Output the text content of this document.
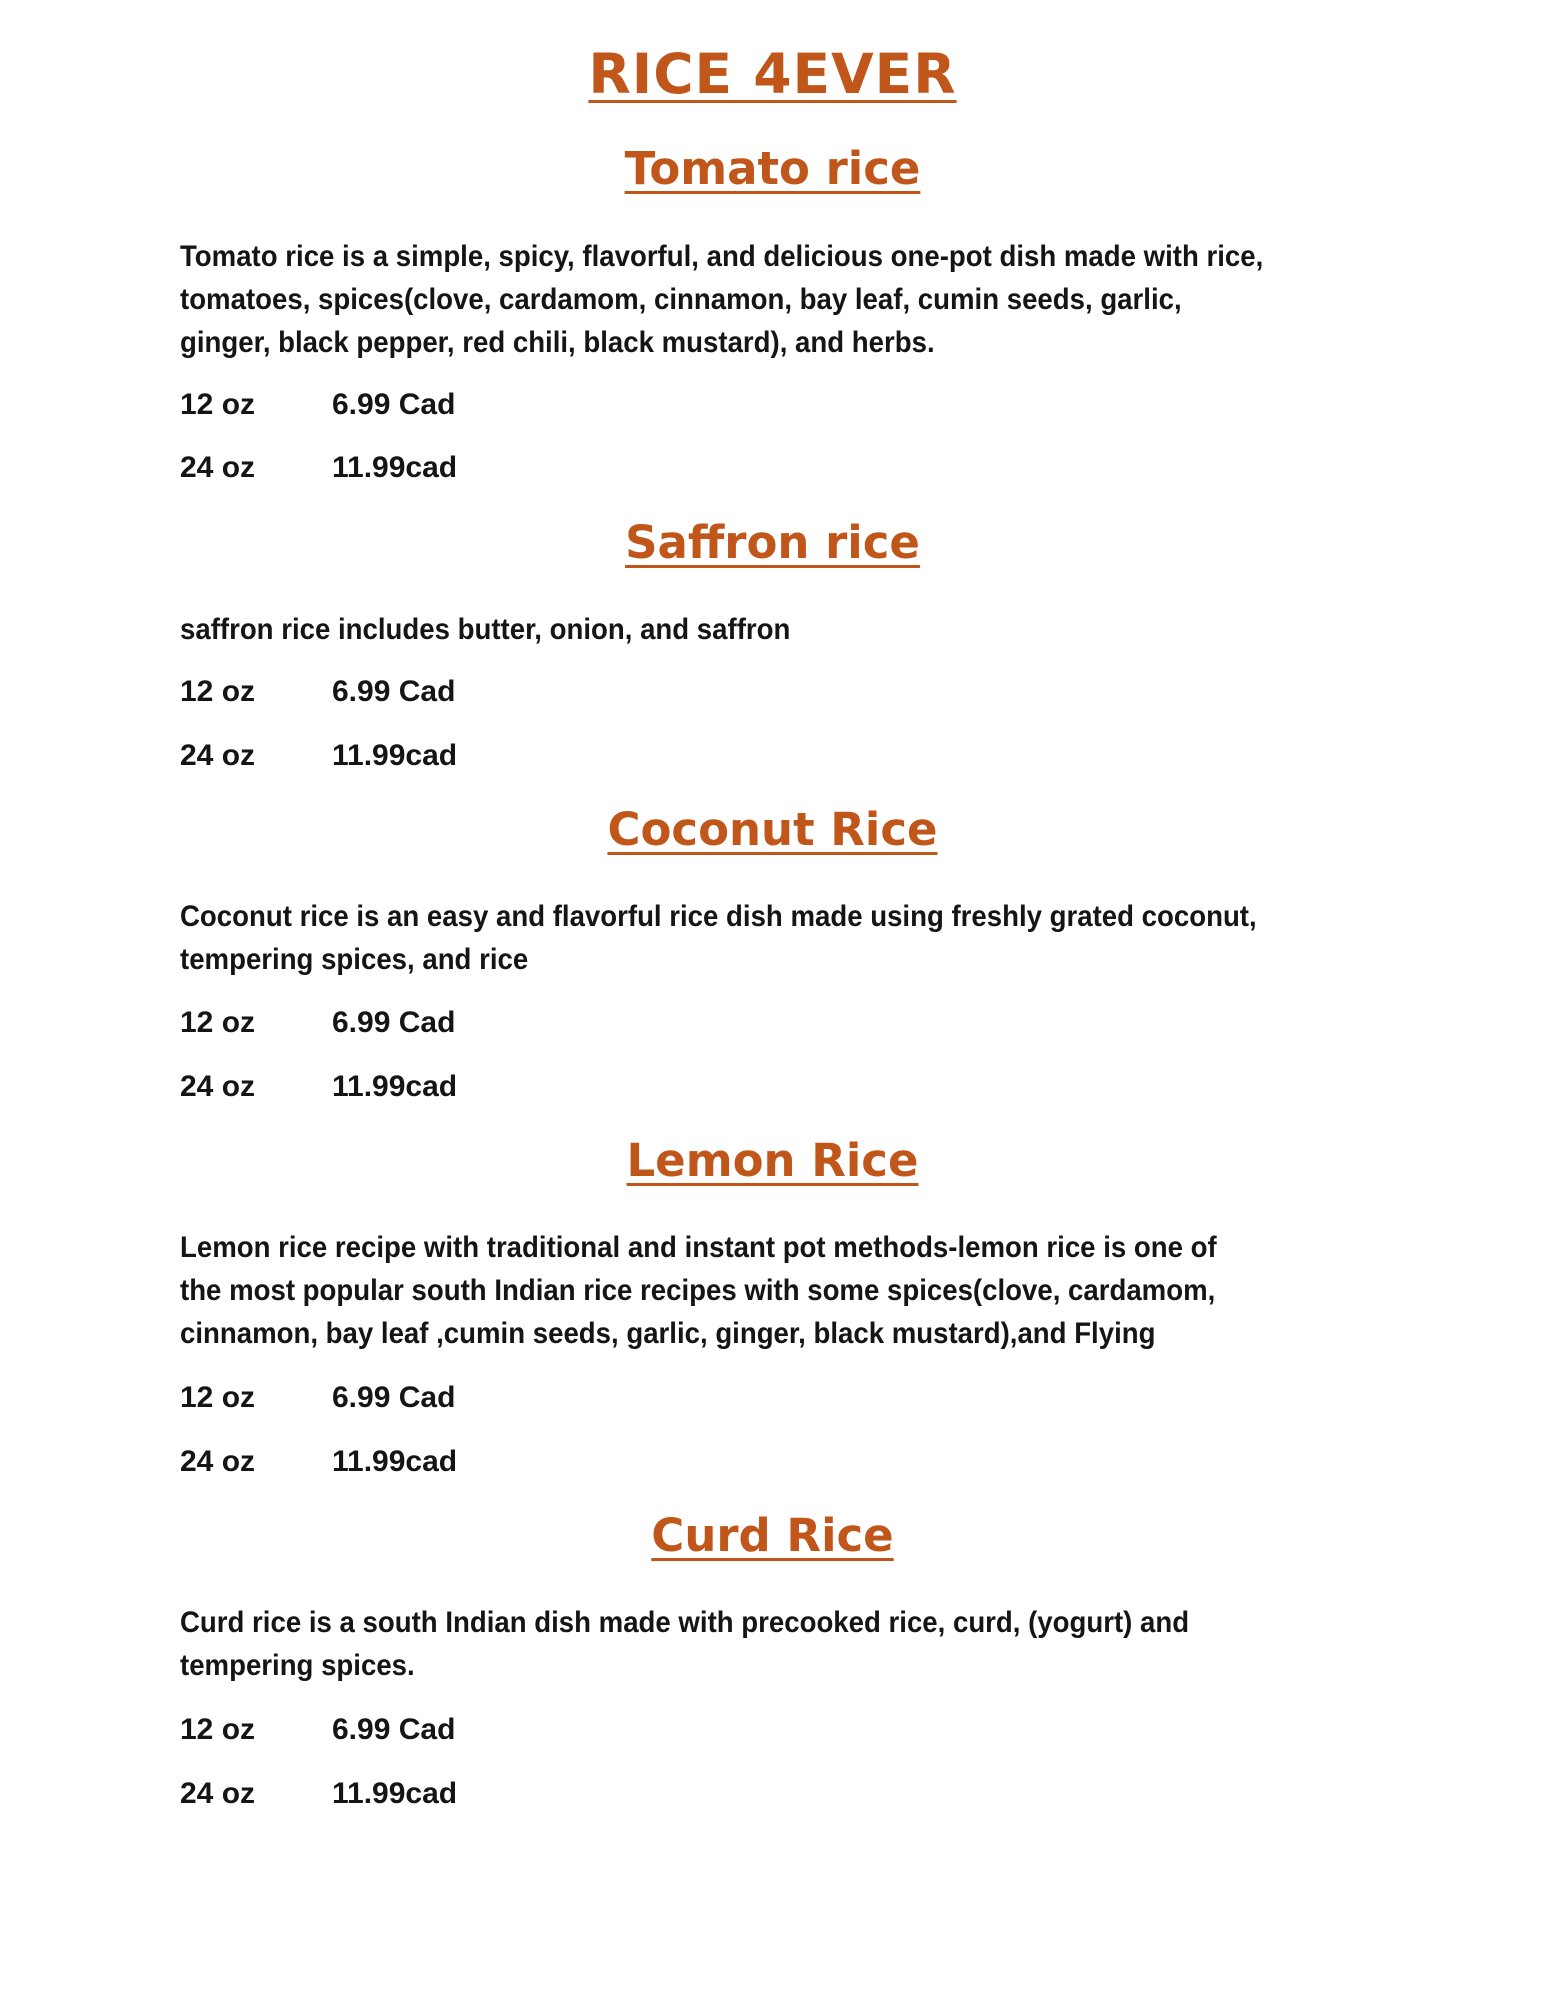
RICE 4EVER
Tomato rice

Tomato rice is a simple, spicy, flavorful, and delicious one-pot dish made with rice, tomatoes, spices(clove, cardamom, cinnamon, bay leaf, cumin seeds, garlic, ginger, black pepper, red chili, black mustard), and herbs.

12 oz	6.99 Cad
24 oz	11.99cad
Saffron rice

saffron rice includes butter, onion, and saffron

12 oz	6.99 Cad
24 oz	11.99cad
Coconut Rice

Coconut rice is an easy and flavorful rice dish made using freshly grated coconut, tempering spices, and rice

12 oz	6.99 Cad
24 oz	11.99cad
Lemon Rice

Lemon rice recipe with traditional and instant pot methods-lemon rice is one of the most popular south Indian rice recipes with some spices(clove, cardamom, cinnamon, bay leaf ,cumin seeds, garlic, ginger, black mustard),and Flying

12 oz	6.99 Cad
24 oz	11.99cad
Curd Rice

Curd rice is a south Indian dish made with precooked rice, curd, (yogurt) and tempering spices.

12 oz	6.99 Cad
24 oz	11.99cad
